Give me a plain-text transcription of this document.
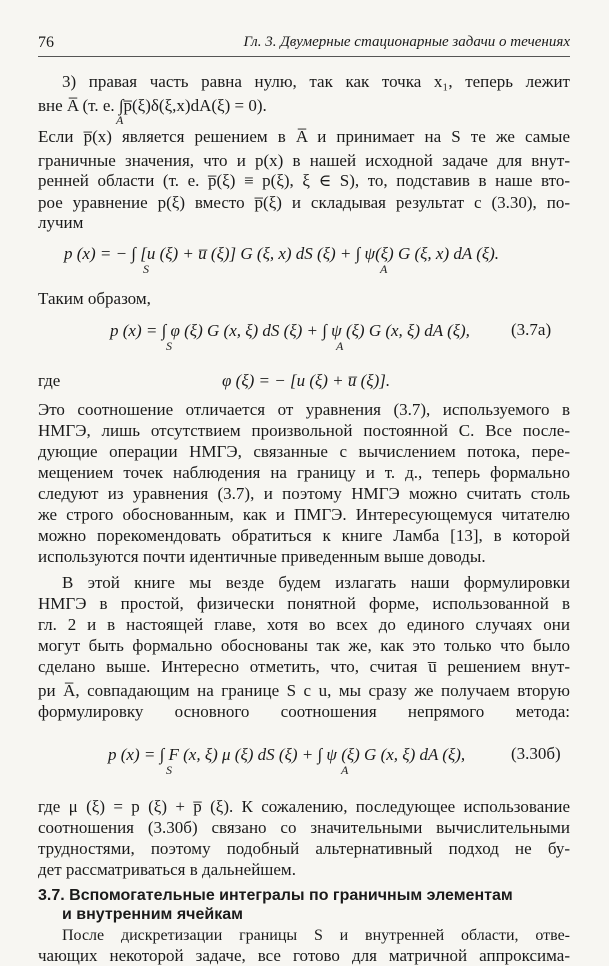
76	Гл. 3. Двумерные стационарные задачи о течениях
3) правая часть равна нулю, так как точка x₁, теперь лежит
вне A̅ (т. е. ∫p̅(ξ)δ(ξ,x)dA(ξ) = 0).
A
Если p̅(x) является решением в A̅ и принимает на S те же самые
граничные значения, что и p(x) в нашей исходной задаче для внут-
ренней области (т. е. p̅(ξ) ≡ p(ξ), ξ ∈ S), то, подставив в наше вто-
рое уравнение p(ξ) вместо p̅(ξ) и складывая результат с (3.30), по-
лучим
p (x) = − ∫ [u (ξ) + u̅ (ξ)] G (ξ, x) dS (ξ) + ∫ ψ(ξ) G (ξ, x) dA (ξ).
S	A
Таким образом,
p (x) = ∫ φ (ξ) G (x, ξ) dS (ξ) + ∫ ψ (ξ) G (x, ξ) dA (ξ), (3.7а)
S	A
где	φ (ξ) = − [u (ξ) + u̅ (ξ)].
Это соотношение отличается от уравнения (3.7), используемого в
НМГЭ, лишь отсутствием произвольной постоянной C. Все после-
дующие операции НМГЭ, связанные с вычислением потока, пере-
мещением точек наблюдения на границу и т. д., теперь формально
следуют из уравнения (3.7), и поэтому НМГЭ можно считать столь
же строго обоснованным, как и ПМГЭ. Интересующемуся читателю
можно порекомендовать обратиться к книге Ламба [13], в которой
используются почти идентичные приведенным выше доводы.
В этой книге мы везде будем излагать наши формулировки
НМГЭ в простой, физически понятной форме, использованной в
гл. 2 и в настоящей главе, хотя во всех до единого случаях они
могут быть формально обоснованы так же, как это только что было
сделано выше. Интересно отметить, что, считая u̅ решением внут-
ри A̅, совпадающим на границе S с u, мы сразу же получаем вторую
формулировку основного соотношения непрямого метода:
p (x) = ∫ F (x, ξ) μ (ξ) dS (ξ) + ∫ ψ (ξ) G (x, ξ) dA (ξ),	(3.30б)
S	A
где μ (ξ) = p (ξ) + p̅ (ξ). К сожалению, последующее использование
соотношения (3.30б) связано со значительными вычислительными
трудностями, поэтому подобный альтернативный подход не бу-
дет рассматриваться в дальнейшем.
3.7. Вспомогательные интегралы по граничным элементам
и внутренним ячейкам
После дискретизации границы S и внутренней области, отве-
чающих некоторой задаче, все готово для матричной аппроксима-
